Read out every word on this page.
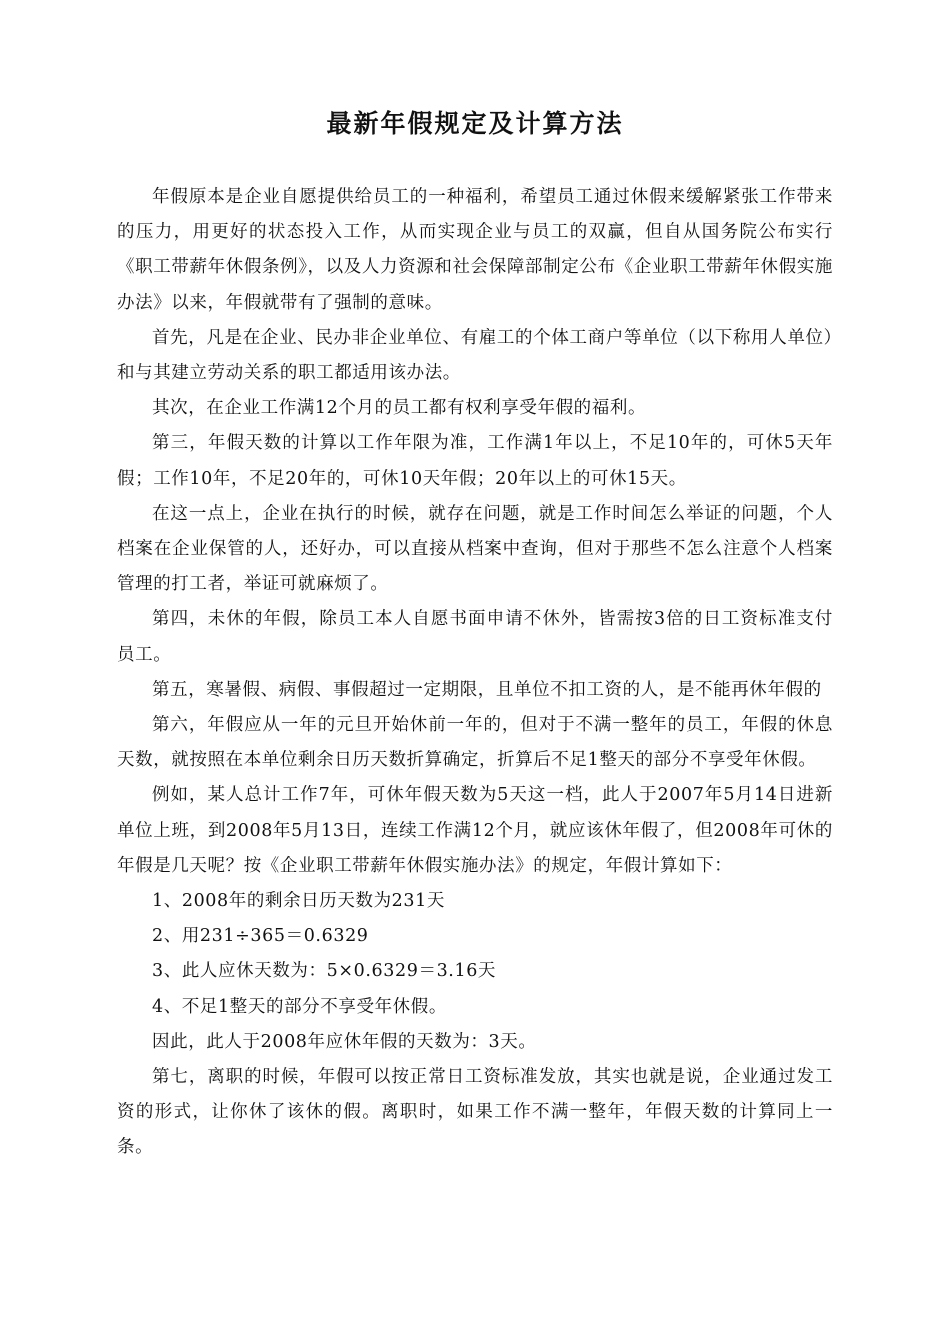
最新年假规定及计算方法

年假原本是企业自愿提供给员工的一种福利，希望员工通过休假来缓解紧张工作带来的压力，用更好的状态投入工作，从而实现企业与员工的双赢，但自从国务院公布实行《职工带薪年休假条例》，以及人力资源和社会保障部制定公布《企业职工带薪年休假实施办法》以来，年假就带有了强制的意味。

首先，凡是在企业、民办非企业单位、有雇工的个体工商户等单位（以下称用人单位）和与其建立劳动关系的职工都适用该办法。

其次，在企业工作满12个月的员工都有权利享受年假的福利。

第三，年假天数的计算以工作年限为准，工作满1年以上，不足10年的，可休5天年假；工作10年，不足20年的，可休10天年假；20年以上的可休15天。

在这一点上，企业在执行的时候，就存在问题，就是工作时间怎么举证的问题，个人档案在企业保管的人，还好办，可以直接从档案中查询，但对于那些不怎么注意个人档案管理的打工者，举证可就麻烦了。

第四，未休的年假，除员工本人自愿书面申请不休外，皆需按3倍的日工资标准支付员工。

第五，寒暑假、病假、事假超过一定期限，且单位不扣工资的人，是不能再休年假的

第六，年假应从一年的元旦开始休前一年的，但对于不满一整年的员工，年假的休息天数，就按照在本单位剩余日历天数折算确定，折算后不足1整天的部分不享受年休假。

例如，某人总计工作7年，可休年假天数为5天这一档，此人于2007年5月14日进新单位上班，到2008年5月13日，连续工作满12个月，就应该休年假了，但2008年可休的年假是几天呢？按《企业职工带薪年休假实施办法》的规定，年假计算如下：

1、2008年的剩余日历天数为231天

2、用231÷365＝0.6329

3、此人应休天数为：5×0.6329＝3.16天

4、不足1整天的部分不享受年休假。

因此，此人于2008年应休年假的天数为：3天。

第七，离职的时候，年假可以按正常日工资标准发放，其实也就是说，企业通过发工资的形式，让你休了该休的假。离职时，如果工作不满一整年，年假天数的计算同上一条。
